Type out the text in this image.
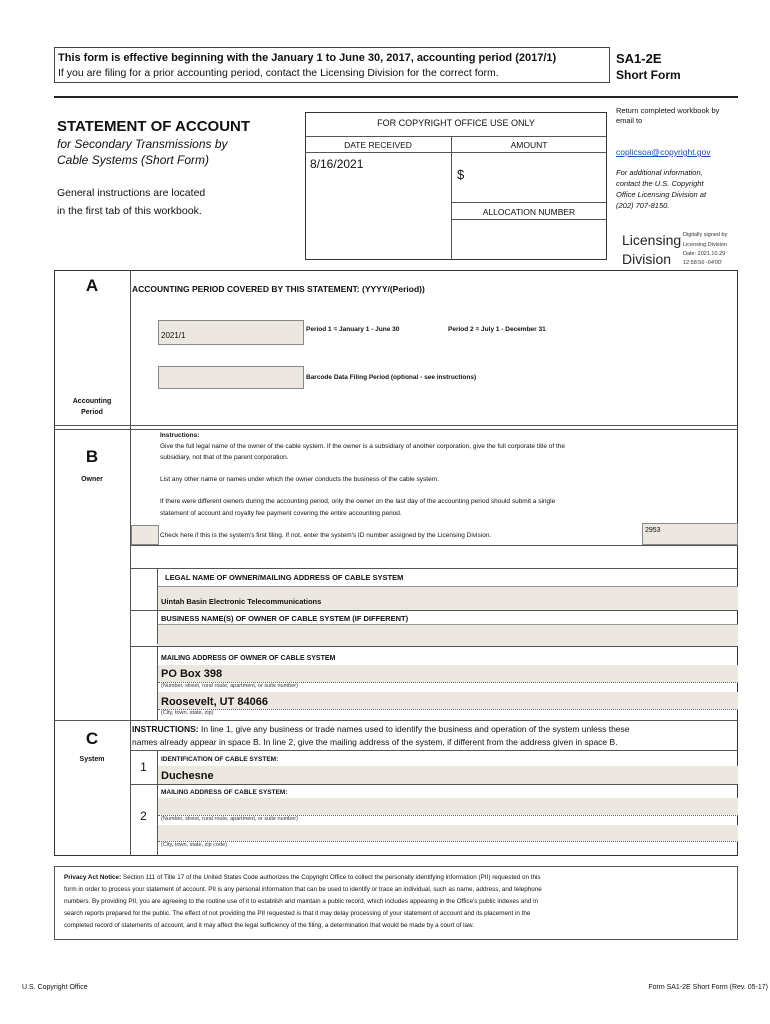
This form is effective beginning with the January 1 to June 30, 2017, accounting period (2017/1)
If you are filing for a prior accounting period, contact the Licensing Division for the correct form.
SA1-2E
Short Form
STATEMENT OF ACCOUNT
for Secondary Transmissions by
Cable Systems (Short Form)
General instructions are located
in the first tab of this workbook.
FOR COPYRIGHT OFFICE USE ONLY
DATE RECEIVED	AMOUNT
8/16/2021
$
ALLOCATION NUMBER
Return completed workbook by
email to
coplicsoa@copyright.gov
For additional information,
contact the U.S. Copyright
Office Licensing Division at
(202) 707-8150.
Licensing
Division
Digitally signed by
Licensing Division
Date: 2021.10.29
12:58:56 -04'00'
A
Accounting
Period
ACCOUNTING PERIOD COVERED BY THIS STATEMENT: (YYYY/(Period))
2021/1
Period 1 = January 1 - June 30	Period 2 = July 1 - December 31
Barcode Data Filing Period (optional - see instructions)
B
Owner
Instructions:
Give the full legal name of the owner of the cable system. If the owner is a subsidiary of another corporation, give the full corporate title of the
subsidiary, not that of the parent corporation.
List any other name or names under which the owner conducts the business of the cable system.
If there were different owners during the accounting period, only the owner on the last day of the accounting period should submit a single
statement of account and royalty fee payment covering the entire accounting period.
Check here if this is the system's first filing. If not, enter the system's ID number assigned by the Licensing Division.
2953
LEGAL NAME OF OWNER/MAILING ADDRESS OF CABLE SYSTEM
Uintah Basin Electronic Telecommunications
BUSINESS NAME(S) OF OWNER OF CABLE SYSTEM (IF DIFFERENT)
MAILING ADDRESS OF OWNER OF CABLE SYSTEM
PO Box 398
(Number, street, rural route, apartment, or suite number)
Roosevelt, UT 84066
(City, town, state, zip)
C
System
INSTRUCTIONS: In line 1, give any business or trade names used to identify the business and operation of the system unless these
names already appear in space B. In line 2, give the mailing address of the system, if different from the address given in space B.
1
IDENTIFICATION OF CABLE SYSTEM:
Duchesne
MAILING ADDRESS OF CABLE SYSTEM:
2	(Number, street, rural route, apartment, or suite number)
(City, town, state, zip code)
Privacy Act Notice: Section 111 of Title 17 of the United States Code authorizes the Copyright Office to collect the personally identifying information (PII) requested on this
form in order to process your statement of account. PII is any personal information that can be used to identify or trace an individual, such as name, address, and telephone
numbers. By providing PII, you are agreeing to the routine use of it to establish and maintain a public record, which includes appearing in the Office's public indexes and in
search reports prepared for the public. The effect of not providing the PII requested is that it may delay processing of your statement of account and its placement in the
completed record of statements of account, and it may affect the legal sufficiency of the filing, a determination that would be made by a court of law.
U.S. Copyright Office	Form SA1-2E Short Form (Rev. 05-17)
